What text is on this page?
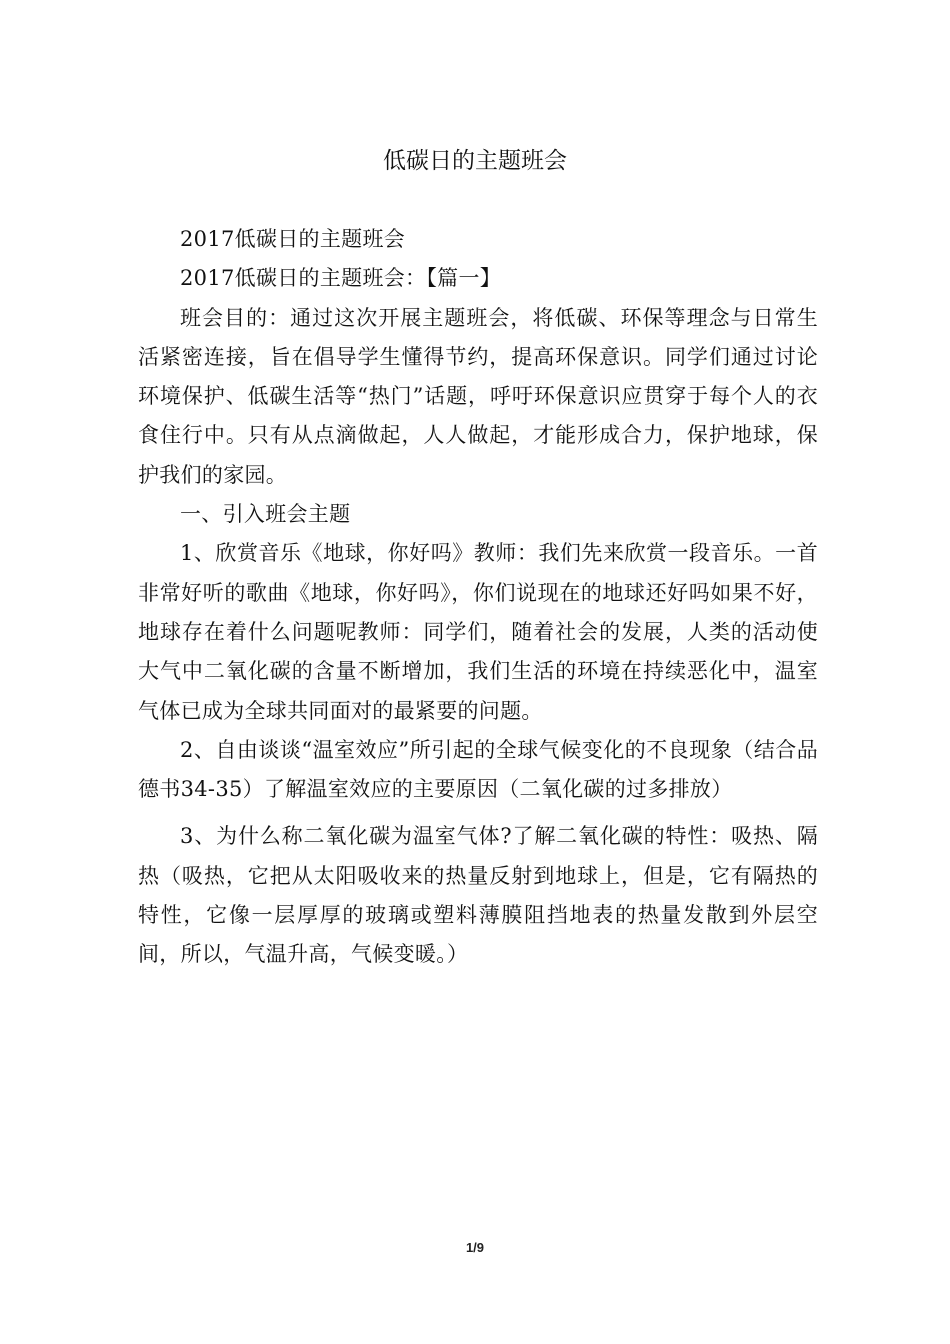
低碳日的主题班会

2017低碳日的主题班会

2017低碳日的主题班会：【篇一】

班会目的：通过这次开展主题班会，将低碳、环保等理念与日常生活紧密连接，旨在倡导学生懂得节约，提高环保意识。同学们通过讨论环境保护、低碳生活等“热门”话题，呼吁环保意识应贯穿于每个人的衣食住行中。只有从点滴做起，人人做起，才能形成合力，保护地球，保护我们的家园。

一、引入班会主题

1、欣赏音乐《地球，你好吗》教师：我们先来欣赏一段音乐。一首非常好听的歌曲《地球，你好吗》，你们说现在的地球还好吗如果不好，地球存在着什么问题呢教师：同学们，随着社会的发展，人类的活动使大气中二氧化碳的含量不断增加，我们生活的环境在持续恶化中，温室气体已成为全球共同面对的最紧要的问题。

2、自由谈谈“温室效应”所引起的全球气候变化的不良现象（结合品德书34-35）了解温室效应的主要原因（二氧化碳的过多排放）

3、为什么称二氧化碳为温室气体?了解二氧化碳的特性：吸热、隔热（吸热，它把从太阳吸收来的热量反射到地球上，但是，它有隔热的特性，它像一层厚厚的玻璃或塑料薄膜阻挡地表的热量发散到外层空间，所以，气温升高，气候变暖。）

1/9
